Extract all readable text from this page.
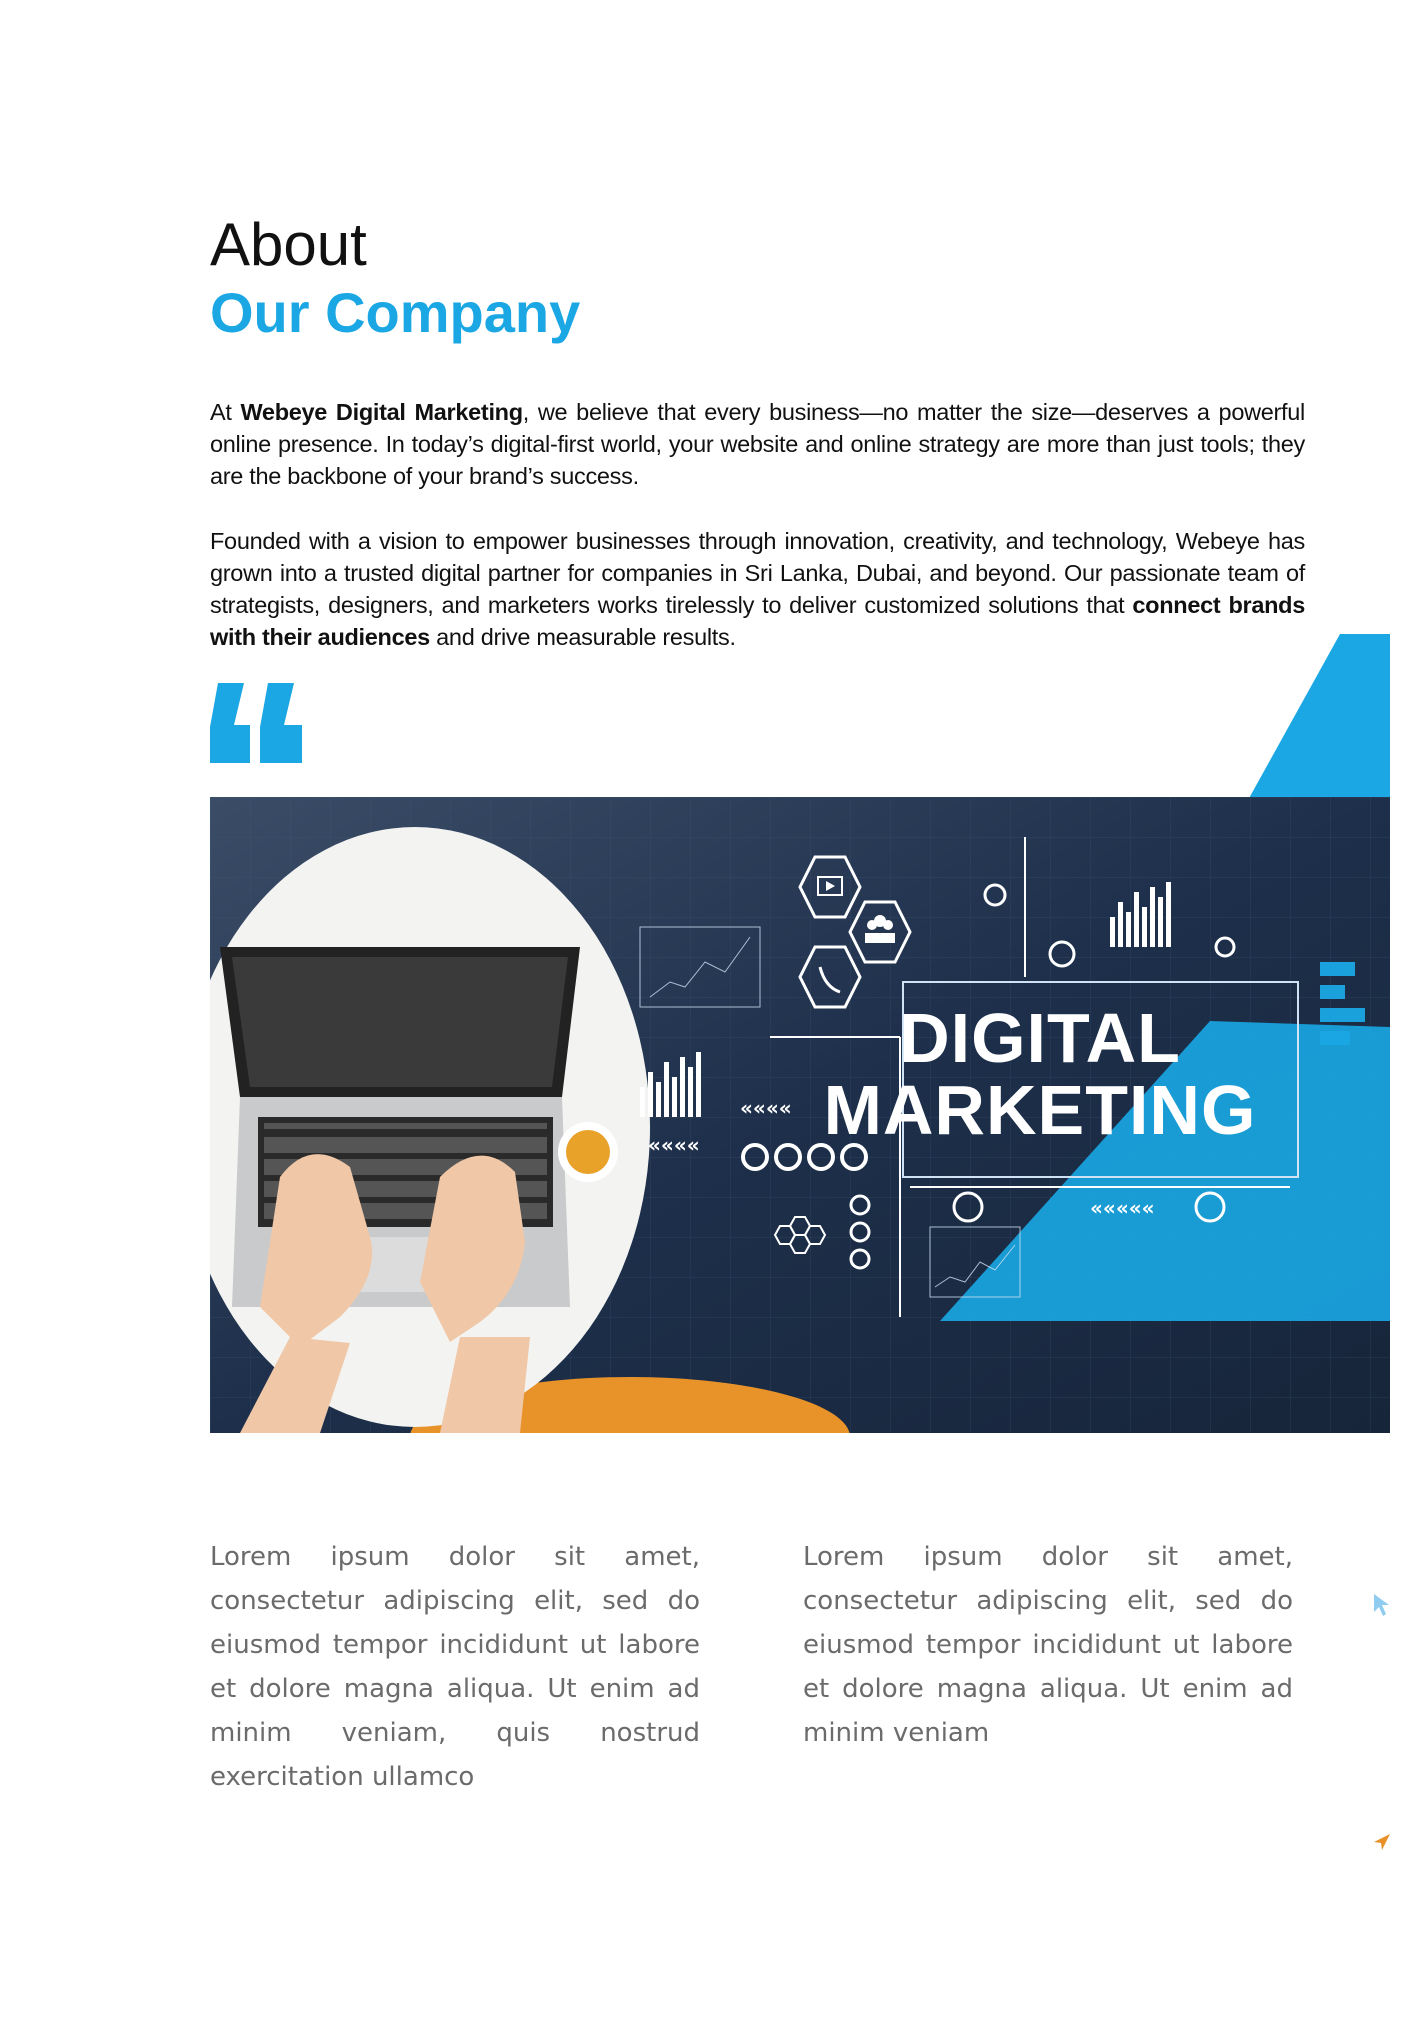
About
Our Company

At Webeye Digital Marketing, we believe that every business—no matter the size—deserves a powerful online presence. In today’s digital-first world, your website and online strategy are more than just tools; they are the backbone of your brand’s success.

Founded with a vision to empower businesses through innovation, creativity, and technology, Webeye has grown into a trusted digital partner for companies in Sri Lanka, Dubai, and beyond. Our passionate team of strategists, designers, and marketers works tirelessly to deliver customized solutions that connect brands with their audiences and drive measurable results.

««««
««««
«««««
DIGITAL
MARKETING

Lorem ipsum dolor sit amet, consectetur adipiscing elit, sed do eiusmod tempor incididunt ut labore et dolore magna aliqua. Ut enim ad minim veniam, quis nostrud exercitation ullamco

Lorem ipsum dolor sit amet, consectetur adipiscing elit, sed do eiusmod tempor incididunt ut labore et dolore magna aliqua. Ut enim ad minim veniam
